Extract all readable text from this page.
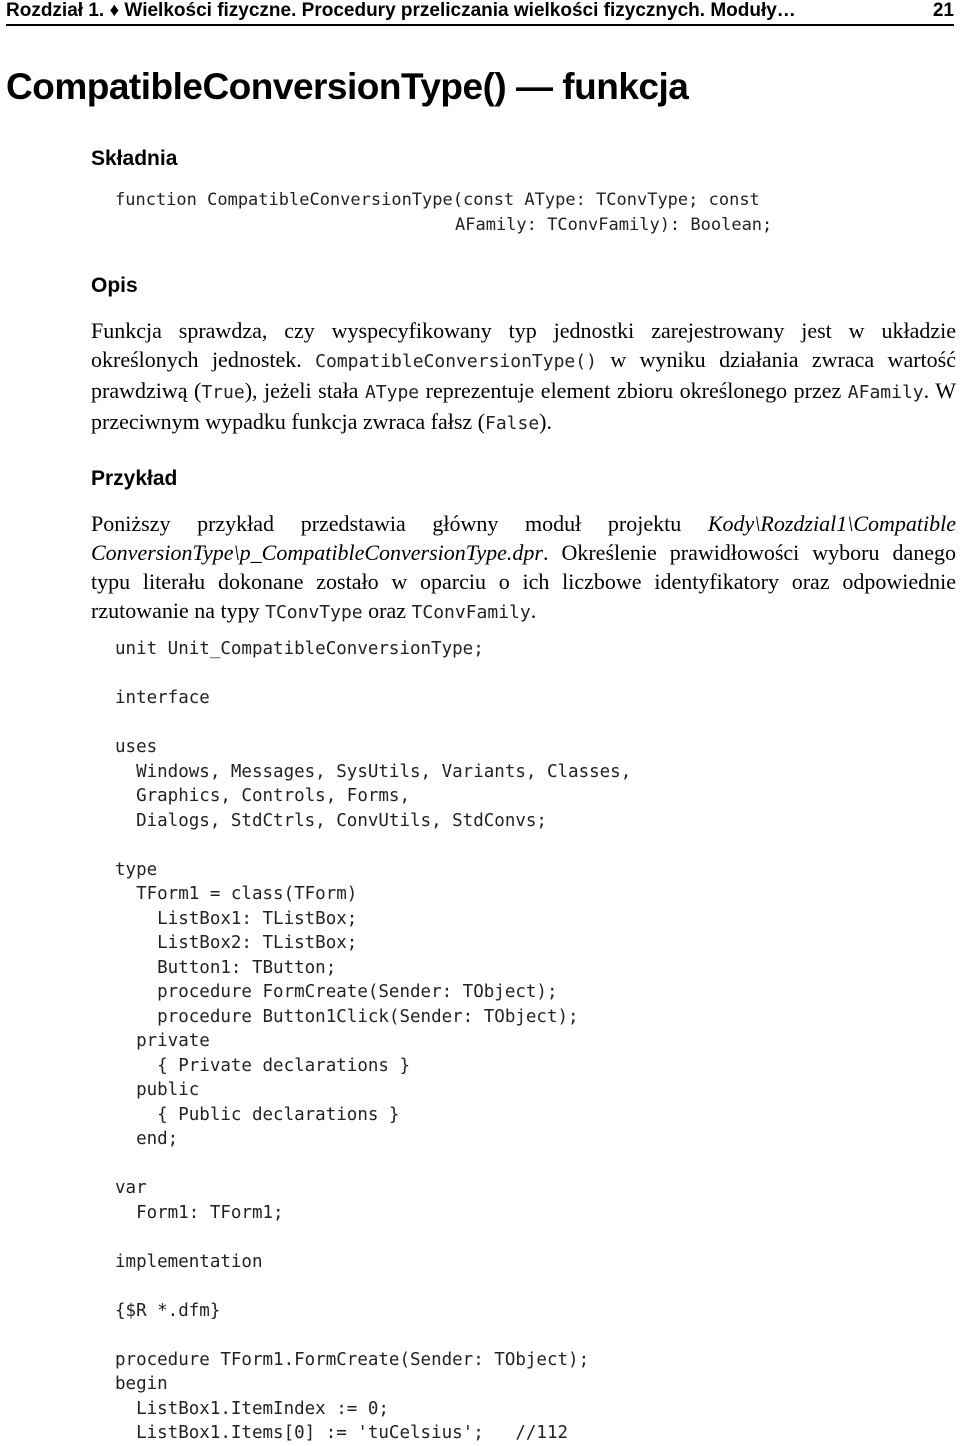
Rozdział 1. ♦ Wielkości fizyczne. Procedury przeliczania wielkości fizycznych. Moduły…	21
CompatibleConversionType() — funkcja
Składnia
function CompatibleConversionType(const AType: TConvType; const
AFamily: TConvFamily): Boolean;
Opis

Funkcja sprawdza, czy wyspecyfikowany typ jednostki zarejestrowany jest w układzie określonych jednostek. CompatibleConversionType() w wyniku działania zwraca wartość prawdziwą (True), jeżeli stała AType reprezentuje element zbioru określonego przez AFamily. W przeciwnym wypadku funkcja zwraca fałsz (False).

Przykład

Poniższy przykład przedstawia główny moduł projektu Kody\Rozdzial1\Compatible ConversionType\p_CompatibleConversionType.dpr. Określenie prawidłowości wyboru danego typu literału dokonane zostało w oparciu o ich liczbowe identyfikatory oraz odpowiednie rzutowanie na typy TConvType oraz TConvFamily.

unit Unit_CompatibleConversionType;

interface

uses
Windows, Messages, SysUtils, Variants, Classes,
Graphics, Controls, Forms,
Dialogs, StdCtrls, ConvUtils, StdConvs;

type
TForm1 = class(TForm)
ListBox1: TListBox;
ListBox2: TListBox;
Button1: TButton;
procedure FormCreate(Sender: TObject);
procedure Button1Click(Sender: TObject);
private
{ Private declarations }
public
{ Public declarations }
end;

var
Form1: TForm1;

implementation

{$R *.dfm}

procedure TForm1.FormCreate(Sender: TObject);
begin
ListBox1.ItemIndex := 0;
ListBox1.Items[0] := 'tuCelsius';   //112
